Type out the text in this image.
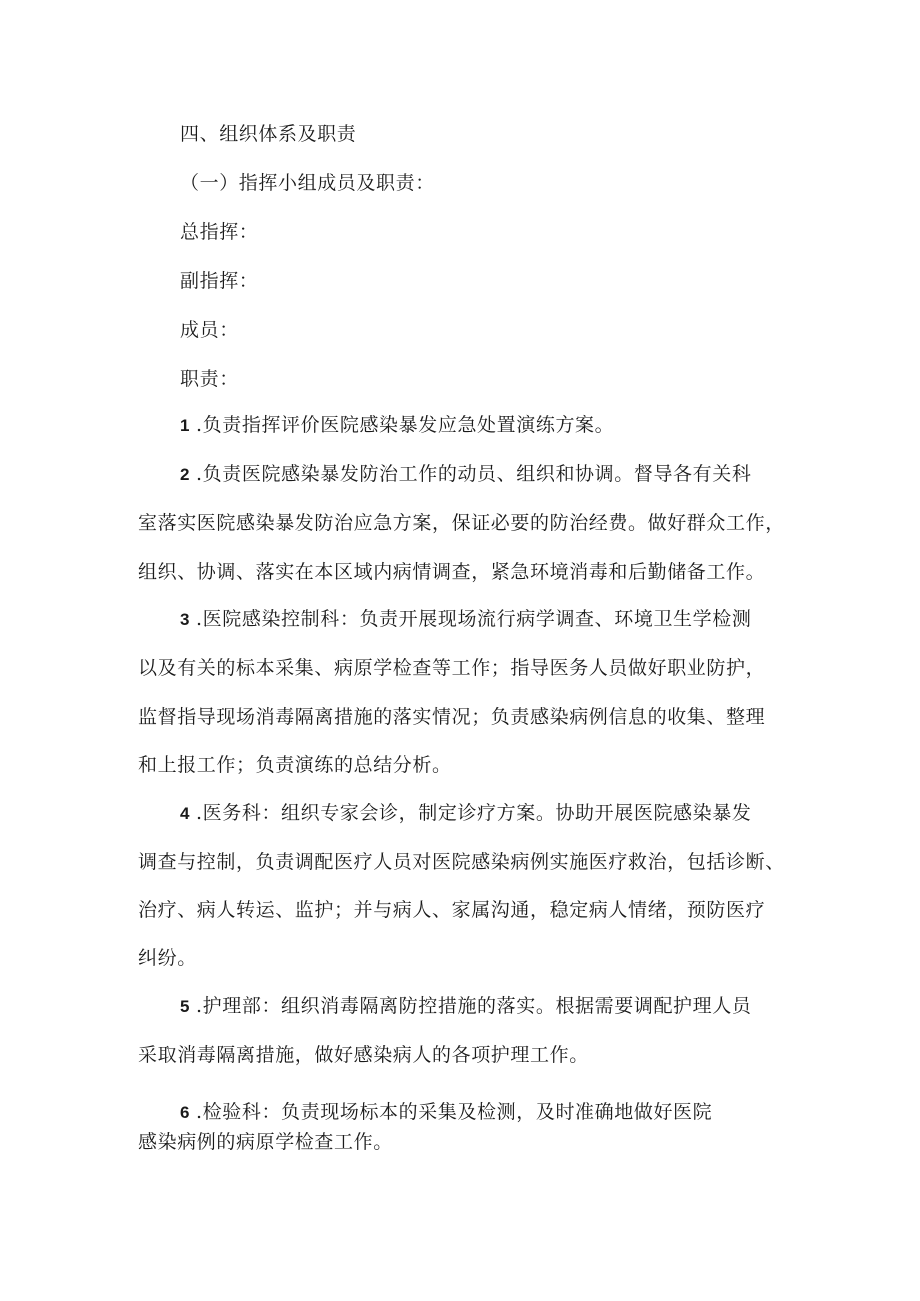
四、组织体系及职责
（一）指挥小组成员及职责：
总指挥：
副指挥：
成员：
职责：
1 .负责指挥评价医院感染暴发应急处置演练方案。
2 .负责医院感染暴发防治工作的动员、组织和协调。督导各有关科
室落实医院感染暴发防治应急方案，保证必要的防治经费。做好群众工作，
组织、协调、落实在本区域内病情调查，紧急环境消毒和后勤储备工作。
3 .医院感染控制科：负责开展现场流行病学调查、环境卫生学检测
以及有关的标本采集、病原学检查等工作；指导医务人员做好职业防护，
监督指导现场消毒隔离措施的落实情况；负责感染病例信息的收集、整理
和上报工作；负责演练的总结分析。
4 .医务科：组织专家会诊，制定诊疗方案。协助开展医院感染暴发
调查与控制，负责调配医疗人员对医院感染病例实施医疗救治，包括诊断、
治疗、病人转运、监护；并与病人、家属沟通，稳定病人情绪，预防医疗
纠纷。
5 .护理部：组织消毒隔离防控措施的落实。根据需要调配护理人员
采取消毒隔离措施，做好感染病人的各项护理工作。
6 .检验科：负责现场标本的采集及检测，及时准确地做好医院
感染病例的病原学检查工作。
